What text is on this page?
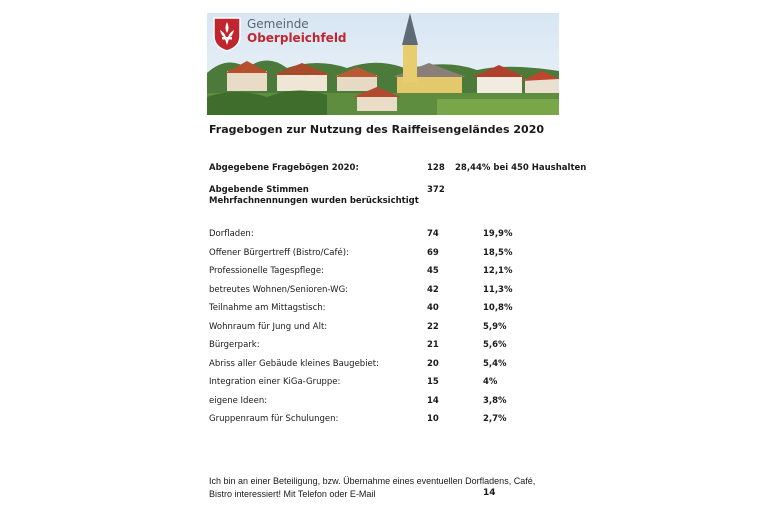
Gemeinde
Oberpleichfeld
Fragebogen zur Nutzung des Raiffeisengeländes 2020
Abgegebene Fragebögen 2020:	128 28,44% bei 450 Haushalten
Abgebende Stimmen
Mehrfachnennungen wurden berücksichtigt
372
Dorfladen:	74	19,9%
Offener Bürgertreff (Bistro/Café):	69	18,5%
Professionelle Tagespflege:	45	12,1%
betreutes Wohnen/Senioren-WG:	42	11,3%
Teilnahme am Mittagstisch:	40	10,8%
Wohnraum für Jung und Alt:	22	5,9%
Bürgerpark:	21	5,6%
Abriss aller Gebäude kleines Baugebiet:	20	5,4%
Integration einer KiGa-Gruppe:	15	4%
eigene Ideen:	14	3,8%
Gruppenraum für Schulungen:	10	2,7%
Ich bin an einer Beteiligung, bzw. Übernahme eines eventuellen Dorfladens, Café, Bistro interessiert! Mit Telefon oder E-Mail	14
